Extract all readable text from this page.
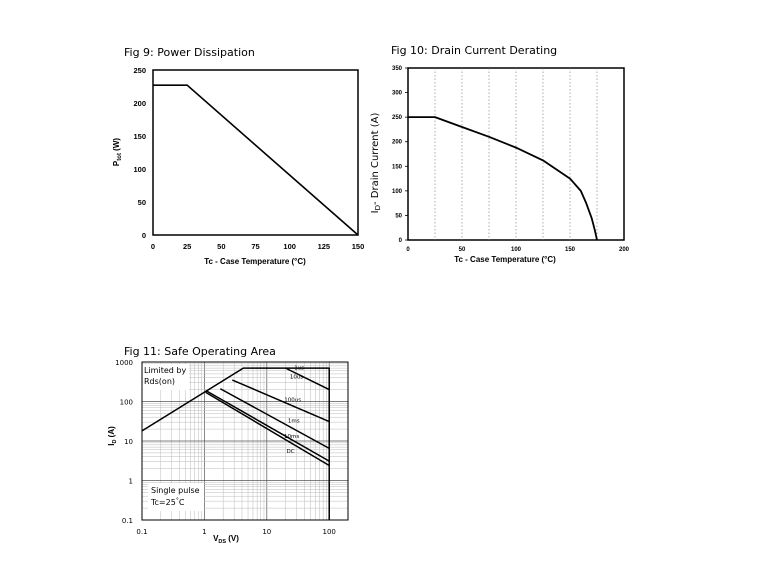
Fig 9: Power Dissipation	Fig 10: Drain Current Derating
Fig 11: Safe Operating Area
0	25	50	75	100	125	150
0
50
100
150
200
250
Tc - Case Temperature (°C)
$P_{tot}$ (W)
0	50	100	150	200
0
50
100
150
200
250
300
350
Tc - Case Temperature (°C)
$I_D-$ Drain Current (A)
0.1	1	10	100
0.1
1
10
100
1000
1us
10us
100us
1ms
10ms
DC
Limited by
Rds(on)
Single pulse
Tc=25°C
$V_{DS}$ (V)
$I_D$ (A)
